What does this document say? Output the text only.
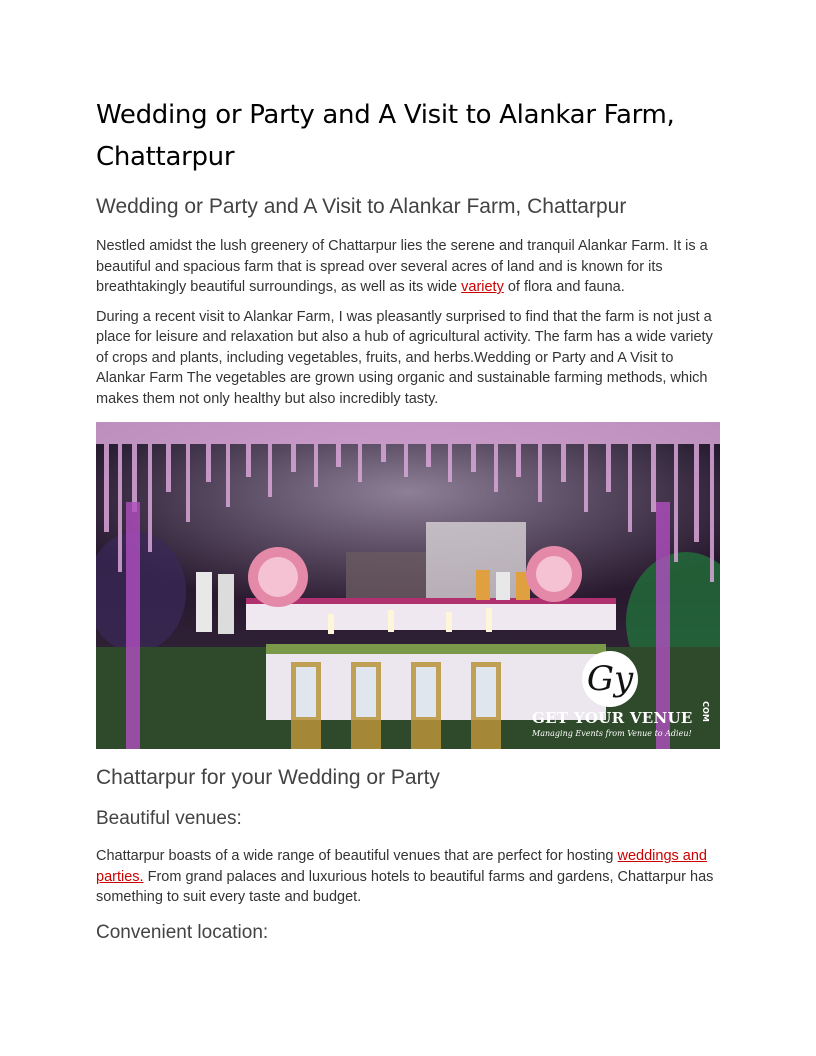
Wedding or Party and A Visit to Alankar Farm, Chattarpur
Wedding or Party and A Visit to Alankar Farm, Chattarpur

Nestled amidst the lush greenery of Chattarpur lies the serene and tranquil Alankar Farm. It is a beautiful and spacious farm that is spread over several acres of land and is known for its breathtakingly beautiful surroundings, as well as its wide variety of flora and fauna.

During a recent visit to Alankar Farm, I was pleasantly surprised to find that the farm is not just a place for leisure and relaxation but also a hub of agricultural activity. The farm has a wide variety of crops and plants, including vegetables, fruits, and herbs.Wedding or Party and A Visit to Alankar Farm The vegetables are grown using organic and sustainable farming methods, which makes them not only healthy but also incredibly tasty.

Gy
GET YOUR VENUE	COM
Managing Events from Venue to Adieu!
Chattarpur for your Wedding or Party
Beautiful venues:

Chattarpur boasts of a wide range of beautiful venues that are perfect for hosting weddings and parties. From grand palaces and luxurious hotels to beautiful farms and gardens, Chattarpur has something to suit every taste and budget.

Convenient location:
